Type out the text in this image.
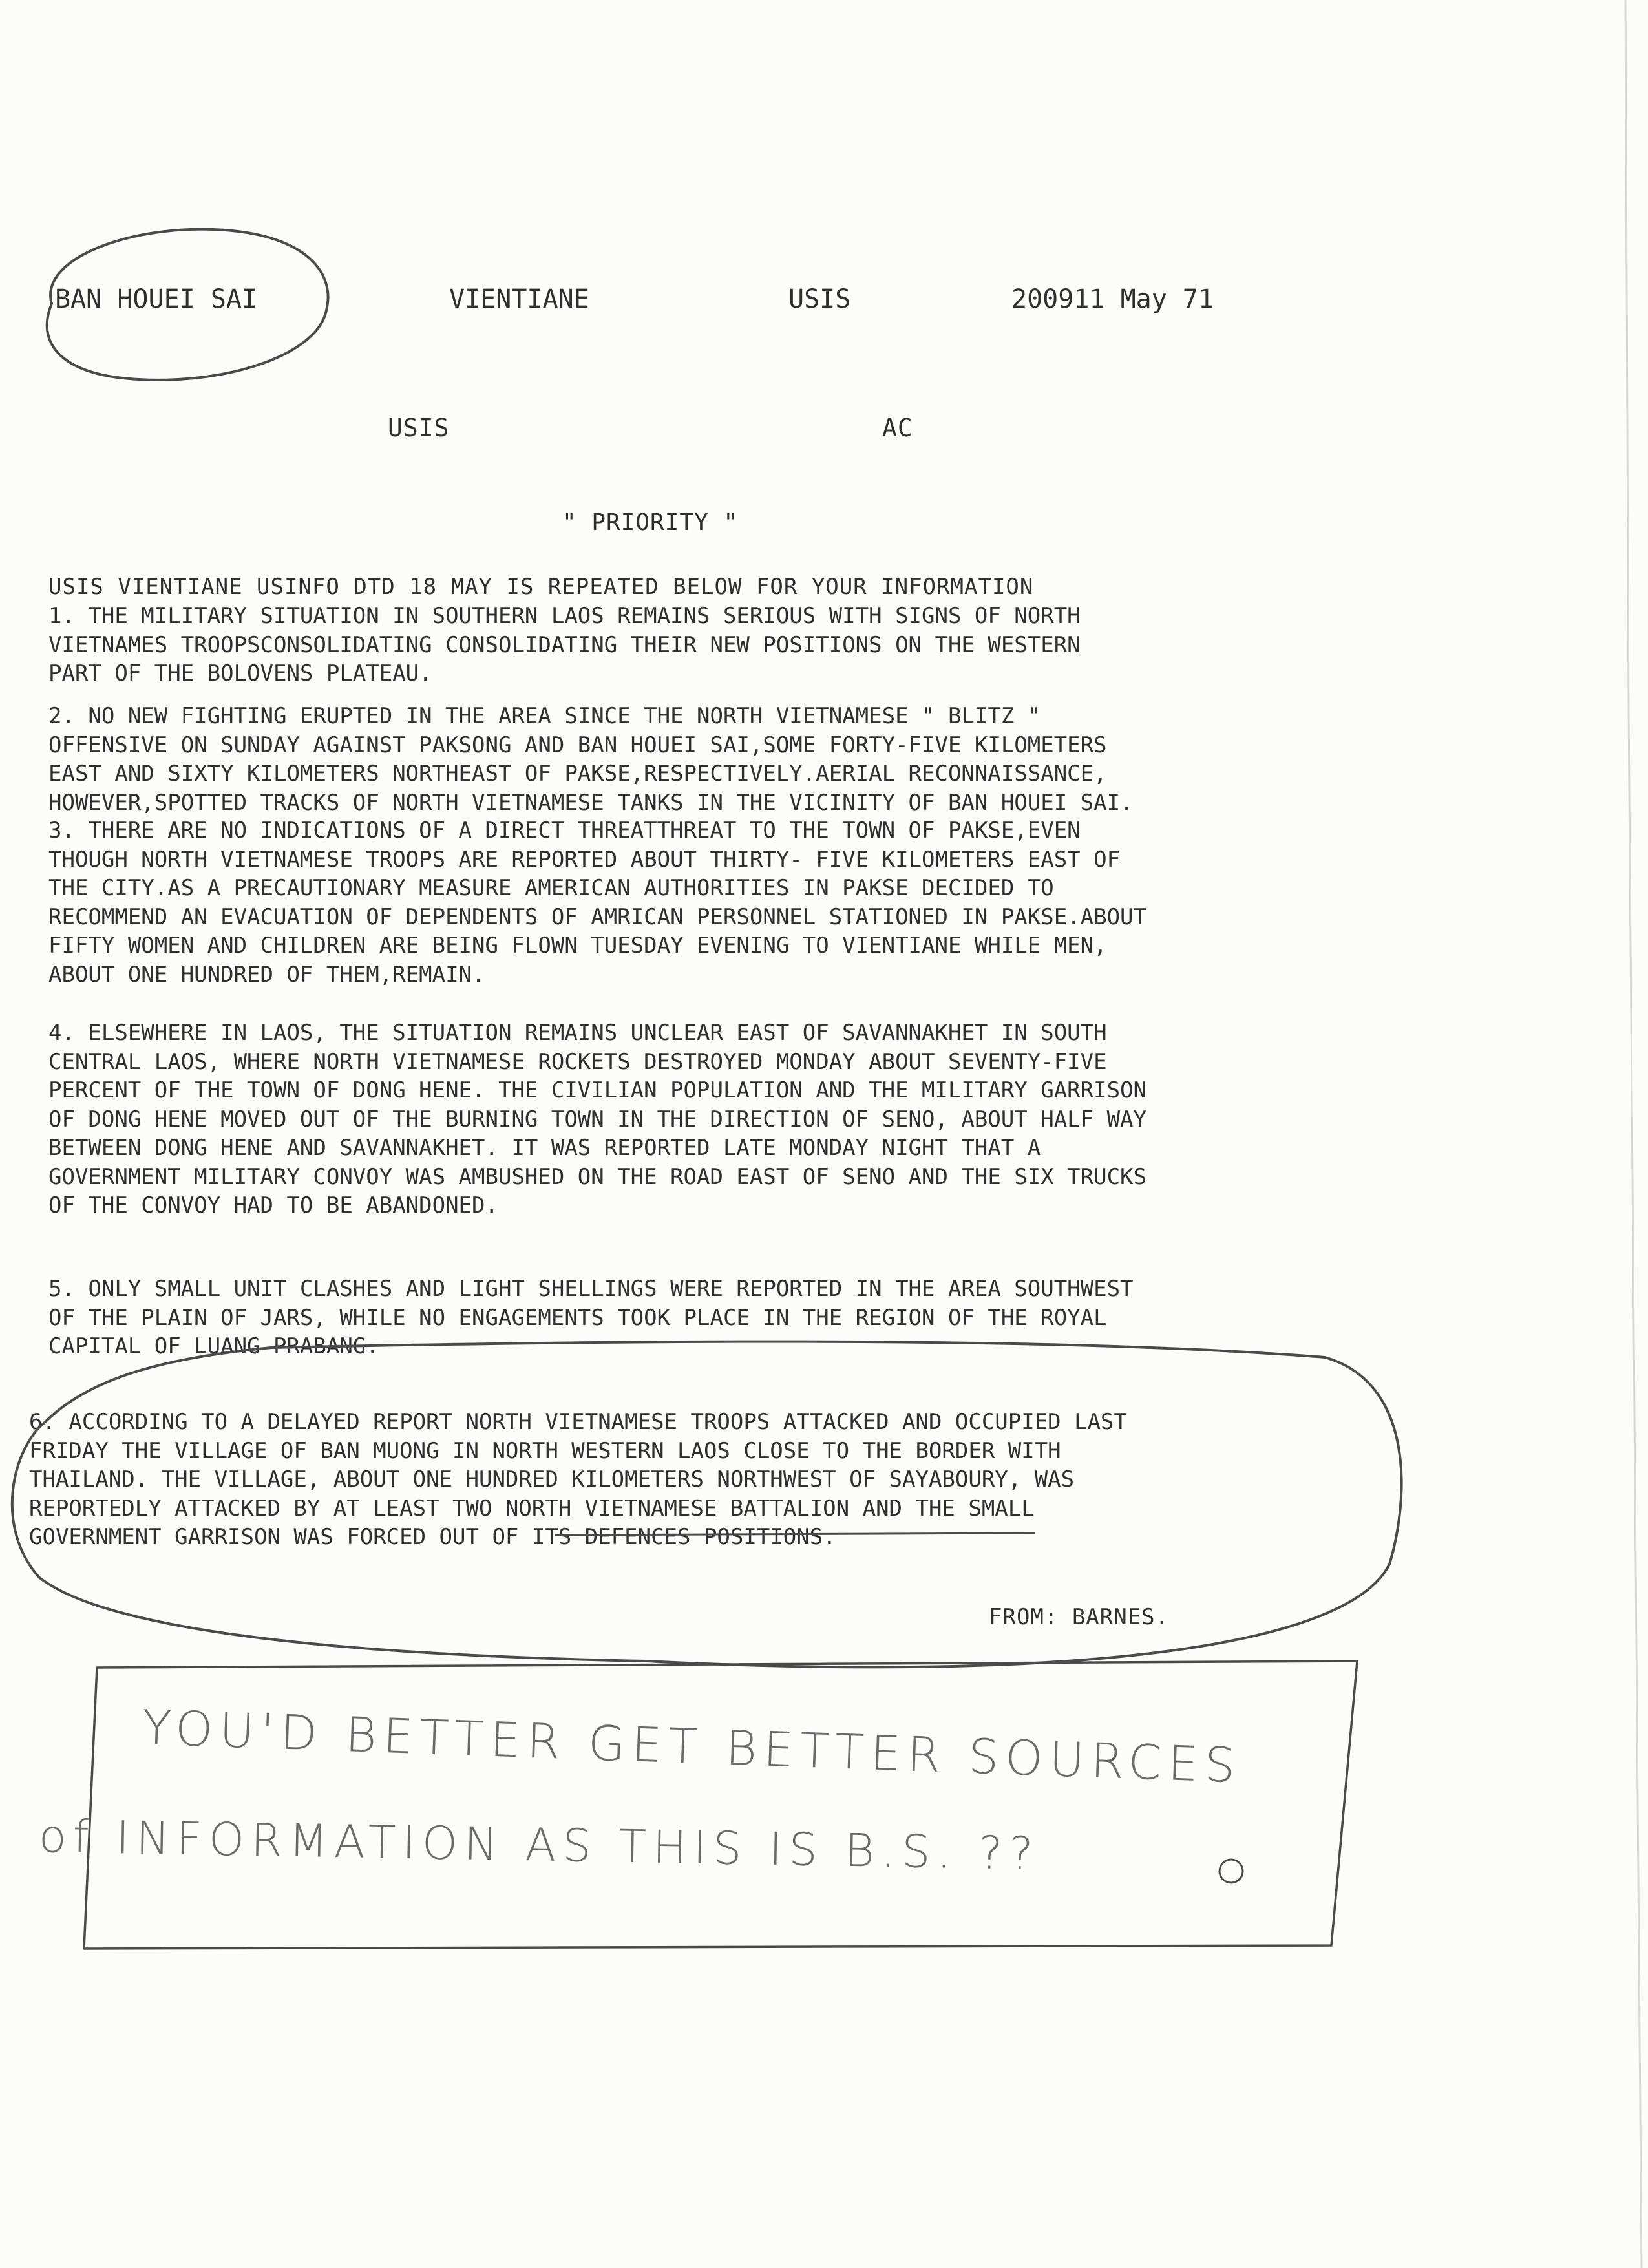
BAN HOUEI SAI	VIENTIANE	USIS	200911 May 71
USIS	AC
" PRIORITY "
USIS VIENTIANE USINFO DTD 18 MAY IS REPEATED BELOW FOR YOUR INFORMATION
1. THE MILITARY SITUATION IN SOUTHERN LAOS REMAINS SERIOUS WITH SIGNS OF NORTH
VIETNAMES TROOPSCONSOLIDATING CONSOLIDATING THEIR NEW POSITIONS ON THE WESTERN
PART OF THE BOLOVENS PLATEAU.
2. NO NEW FIGHTING ERUPTED IN THE AREA SINCE THE NORTH VIETNAMESE " BLITZ "
OFFENSIVE ON SUNDAY AGAINST PAKSONG AND BAN HOUEI SAI,SOME FORTY-FIVE KILOMETERS
EAST AND SIXTY KILOMETERS NORTHEAST OF PAKSE,RESPECTIVELY.AERIAL RECONNAISSANCE,
HOWEVER,SPOTTED TRACKS OF NORTH VIETNAMESE TANKS IN THE VICINITY OF BAN HOUEI SAI.
3. THERE ARE NO INDICATIONS OF A DIRECT THREATTHREAT TO THE TOWN OF PAKSE,EVEN
THOUGH NORTH VIETNAMESE TROOPS ARE REPORTED ABOUT THIRTY- FIVE KILOMETERS EAST OF
THE CITY.AS A PRECAUTIONARY MEASURE AMERICAN AUTHORITIES IN PAKSE DECIDED TO
RECOMMEND AN EVACUATION OF DEPENDENTS OF AMRICAN PERSONNEL STATIONED IN PAKSE.ABOUT
FIFTY WOMEN AND CHILDREN ARE BEING FLOWN TUESDAY EVENING TO VIENTIANE WHILE MEN,
ABOUT ONE HUNDRED OF THEM,REMAIN.
4. ELSEWHERE IN LAOS, THE SITUATION REMAINS UNCLEAR EAST OF SAVANNAKHET IN SOUTH
CENTRAL LAOS, WHERE NORTH VIETNAMESE ROCKETS DESTROYED MONDAY ABOUT SEVENTY-FIVE
PERCENT OF THE TOWN OF DONG HENE. THE CIVILIAN POPULATION AND THE MILITARY GARRISON
OF DONG HENE MOVED OUT OF THE BURNING TOWN IN THE DIRECTION OF SENO, ABOUT HALF WAY
BETWEEN DONG HENE AND SAVANNAKHET. IT WAS REPORTED LATE MONDAY NIGHT THAT A
GOVERNMENT MILITARY CONVOY WAS AMBUSHED ON THE ROAD EAST OF SENO AND THE SIX TRUCKS
OF THE CONVOY HAD TO BE ABANDONED.
5. ONLY SMALL UNIT CLASHES AND LIGHT SHELLINGS WERE REPORTED IN THE AREA SOUTHWEST
OF THE PLAIN OF JARS, WHILE NO ENGAGEMENTS TOOK PLACE IN THE REGION OF THE ROYAL
CAPITAL OF LUANG PRABANG.
6. ACCORDING TO A DELAYED REPORT NORTH VIETNAMESE TROOPS ATTACKED AND OCCUPIED LAST
FRIDAY THE VILLAGE OF BAN MUONG IN NORTH WESTERN LAOS CLOSE TO THE BORDER WITH
THAILAND. THE VILLAGE, ABOUT ONE HUNDRED KILOMETERS NORTHWEST OF SAYABOURY, WAS
REPORTEDLY ATTACKED BY AT LEAST TWO NORTH VIETNAMESE BATTALION AND THE SMALL
GOVERNMENT GARRISON WAS FORCED OUT OF ITS DEFENCES POSITIONS.
FROM: BARNES.
YOU'D BETTER GET BETTER SOURCES
of INFORMATION AS THIS IS B.S. ??
